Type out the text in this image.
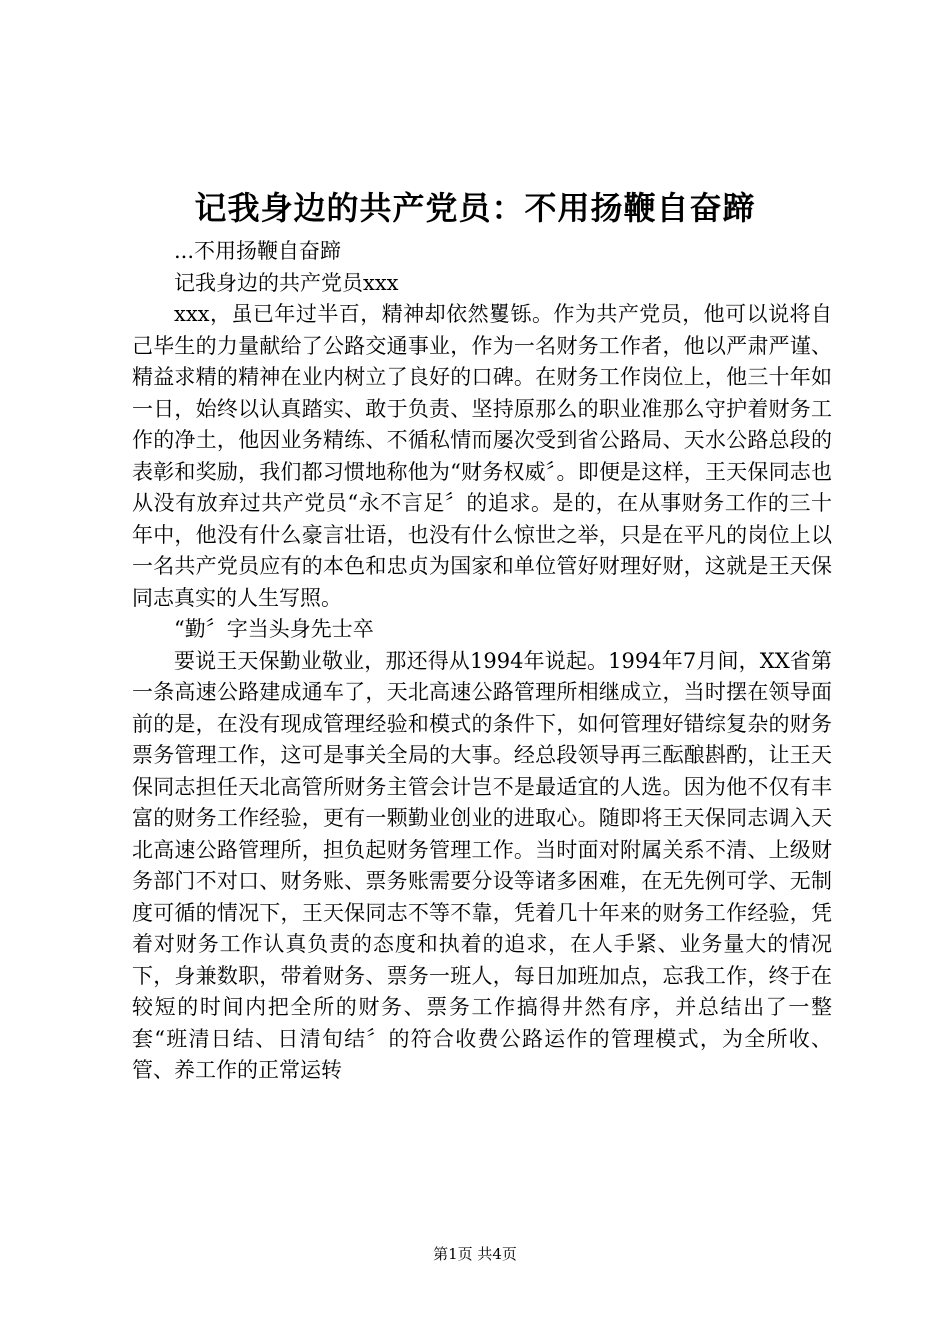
记我身边的共产党员：不用扬鞭自奋蹄

...不用扬鞭自奋蹄

记我身边的共产党员xxx

xxx，虽已年过半百，精神却依然矍铄。作为共产党员，他可以说将自己毕生的力量献给了公路交通事业，作为一名财务工作者，他以严肃严谨、精益求精的精神在业内树立了良好的口碑。在财务工作岗位上，他三十年如一日，始终以认真踏实、敢于负责、坚持原那么的职业准那么守护着财务工作的净土，他因业务精练、不循私情而屡次受到省公路局、天水公路总段的表彰和奖励，我们都习惯地称他为“财务权威〞。即便是这样，王天保同志也从没有放弃过共产党员“永不言足〞的追求。是的，在从事财务工作的三十年中，他没有什么豪言壮语，也没有什么惊世之举，只是在平凡的岗位上以一名共产党员应有的本色和忠贞为国家和单位管好财理好财，这就是王天保同志真实的人生写照。

“勤〞字当头身先士卒

要说王天保勤业敬业，那还得从1994年说起。1994年7月间，XX省第一条高速公路建成通车了，天北高速公路管理所相继成立，当时摆在领导面前的是，在没有现成管理经验和模式的条件下，如何管理好错综复杂的财务票务管理工作，这可是事关全局的大事。经总段领导再三酝酿斟酌，让王天保同志担任天北高管所财务主管会计岂不是最适宜的人选。因为他不仅有丰富的财务工作经验，更有一颗勤业创业的进取心。随即将王天保同志调入天北高速公路管理所，担负起财务管理工作。当时面对附属关系不清、上级财务部门不对口、财务账、票务账需要分设等诸多困难，在无先例可学、无制度可循的情况下，王天保同志不等不靠，凭着几十年来的财务工作经验，凭着对财务工作认真负责的态度和执着的追求，在人手紧、业务量大的情况下，身兼数职，带着财务、票务一班人，每日加班加点，忘我工作，终于在较短的时间内把全所的财务、票务工作搞得井然有序，并总结出了一整套“班清日结、日清旬结〞的符合收费公路运作的管理模式，为全所收、管、养工作的正常运转

第1页 共4页
